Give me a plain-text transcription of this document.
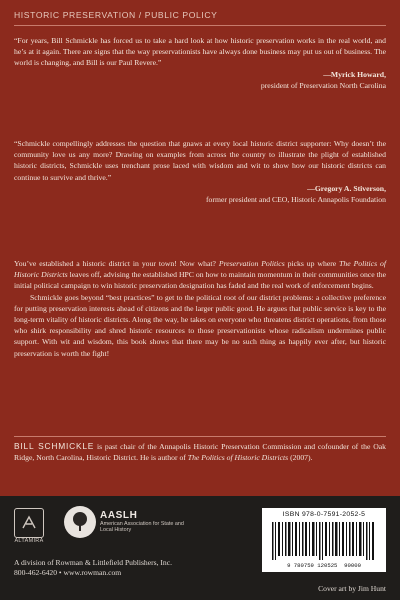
HISTORIC PRESERVATION / PUBLIC POLICY
“For years, Bill Schmickle has forced us to take a hard look at how historic preservation works in the real world, and he’s at it again. There are signs that the way preservationists have always done business may put us out of business. The world is changing, and Bill is our Paul Revere.”
—Myrick Howard,
president of Preservation North Carolina
“Schmickle compellingly addresses the question that gnaws at every local historic district supporter: Why doesn’t the community love us any more? Drawing on examples from across the country to illustrate the plight of established historic districts, Schmickle uses trenchant prose laced with wisdom and wit to show how our historic districts can continue to survive and thrive.”
—Gregory A. Stiverson,
former president and CEO, Historic Annapolis Foundation
You’ve established a historic district in your town! Now what? Preservation Politics picks up where The Politics of Historic Districts leaves off, advising the established HPC on how to maintain momentum in their communities once the initial political campaign to win historic preservation designation has faded and the real work of enforcement begins.
Schmickle goes beyond “best practices” to get to the political root of our district problems: a collective preference for putting preservation interests ahead of citizens and the larger public good. He argues that public service is key to the long-term vitality of historic districts. Along the way, he takes on everyone who threatens district operations, from those who shirk responsibility and shred historic resources to those preservationists whose radicalism undermines public support. With wit and wisdom, this book shows that there may be no such thing as happily ever after, but historic preservation is worth the fight!
BILL SCHMICKLE is past chair of the Annapolis Historic Preservation Commission and cofounder of the Oak Ridge, North Carolina, Historic District. He is author of The Politics of Historic Districts (2007).
ALTAMIRA
AASLH
American Association for State and Local History
A division of Rowman & Littlefield Publishers, Inc.
800-462-6420 • www.rowman.com
ISBN 978-0-7591-2052-5
9 780759 120525 90000
Cover art by Jim Hunt
